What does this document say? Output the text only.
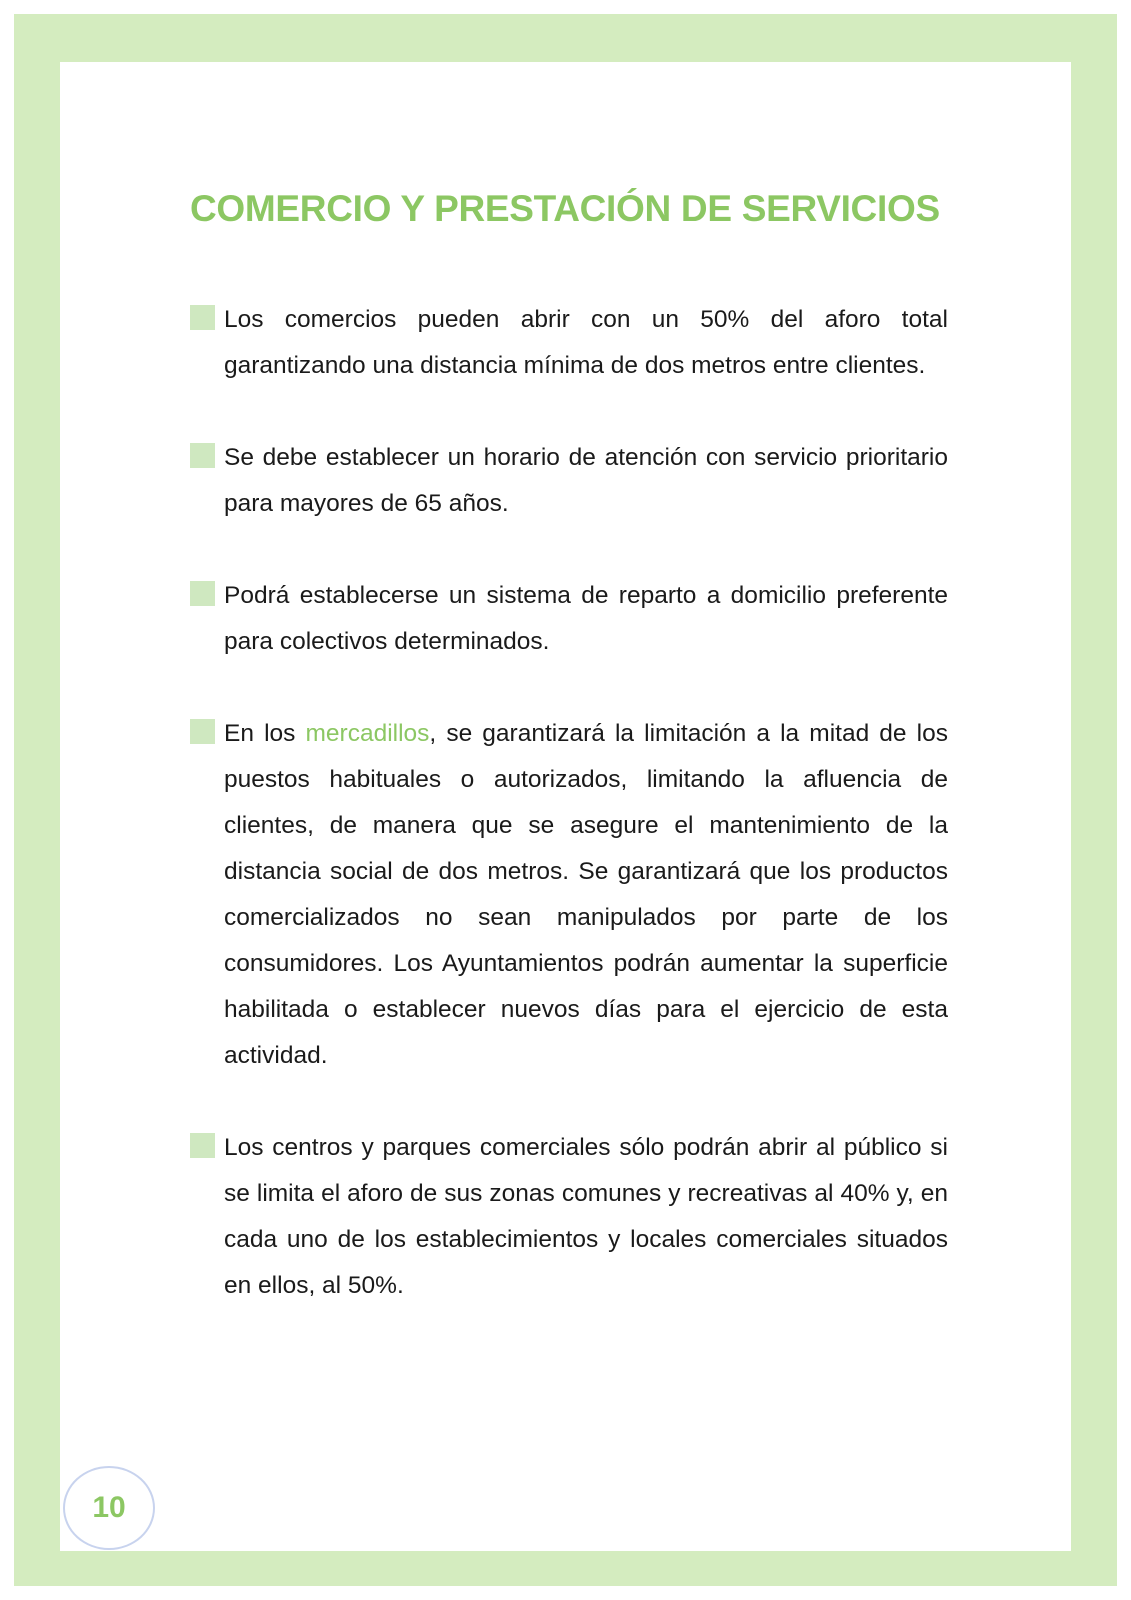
COMERCIO Y PRESTACIÓN DE SERVICIOS
Los comercios pueden abrir con un 50% del aforo total garantizando una distancia mínima de dos metros entre clientes.
Se debe establecer un horario de atención con servicio prioritario para mayores de 65 años.
Podrá establecerse un sistema de reparto a domicilio preferente para colectivos determinados.
En los mercadillos, se garantizará la limitación a la mitad de los puestos habituales o autorizados, limitando la afluencia de clientes, de manera que se asegure el mantenimiento de la distancia social de dos metros. Se garantizará que los productos comercializados no sean manipulados por parte de los consumidores. Los Ayuntamientos podrán aumentar la superficie habilitada o establecer nuevos días para el ejercicio de esta actividad.
Los centros y parques comerciales sólo podrán abrir al público si se limita el aforo de sus zonas comunes y recreativas al 40% y, en cada uno de los establecimientos y locales comerciales situados en ellos, al 50%.
10
